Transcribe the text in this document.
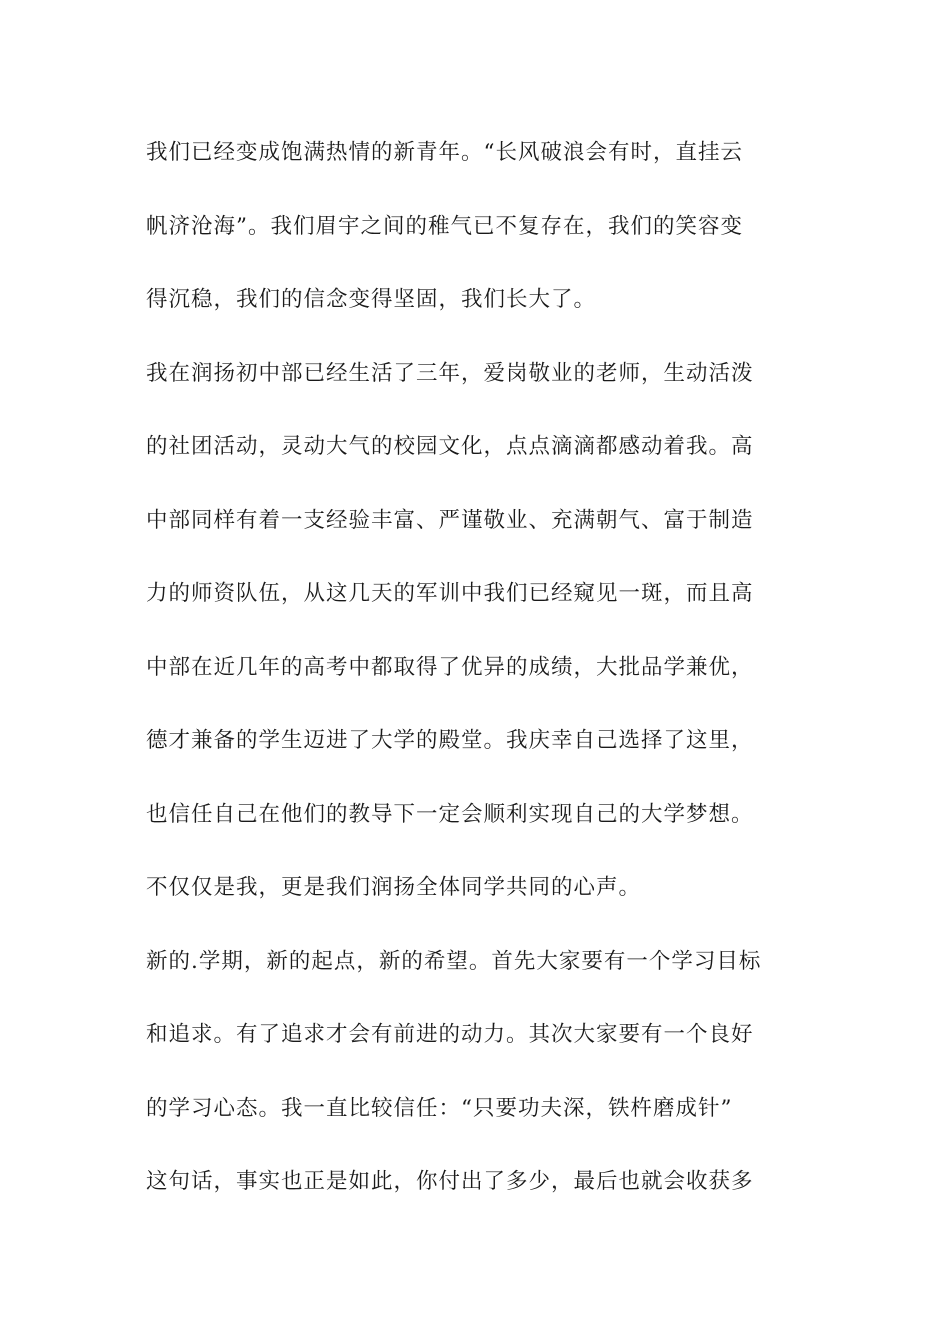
我们已经变成饱满热情的新青年。“长风破浪会有时，直挂云
帆济沧海”。我们眉宇之间的稚气已不复存在，我们的笑容变
得沉稳，我们的信念变得坚固，我们长大了。
我在润扬初中部已经生活了三年，爱岗敬业的老师，生动活泼
的社团活动，灵动大气的校园文化，点点滴滴都感动着我。高
中部同样有着一支经验丰富、严谨敬业、充满朝气、富于制造
力的师资队伍，从这几天的军训中我们已经窥见一斑，而且高
中部在近几年的高考中都取得了优异的成绩，大批品学兼优，
德才兼备的学生迈进了大学的殿堂。我庆幸自己选择了这里，
也信任自己在他们的教导下一定会顺利实现自己的大学梦想。
不仅仅是我，更是我们润扬全体同学共同的心声。
新的.学期，新的起点，新的希望。首先大家要有一个学习目标
和追求。有了追求才会有前进的动力。其次大家要有一个良好
的学习心态。我一直比较信任：“只要功夫深，铁杵磨成针”
这句话，事实也正是如此，你付出了多少，最后也就会收获多
